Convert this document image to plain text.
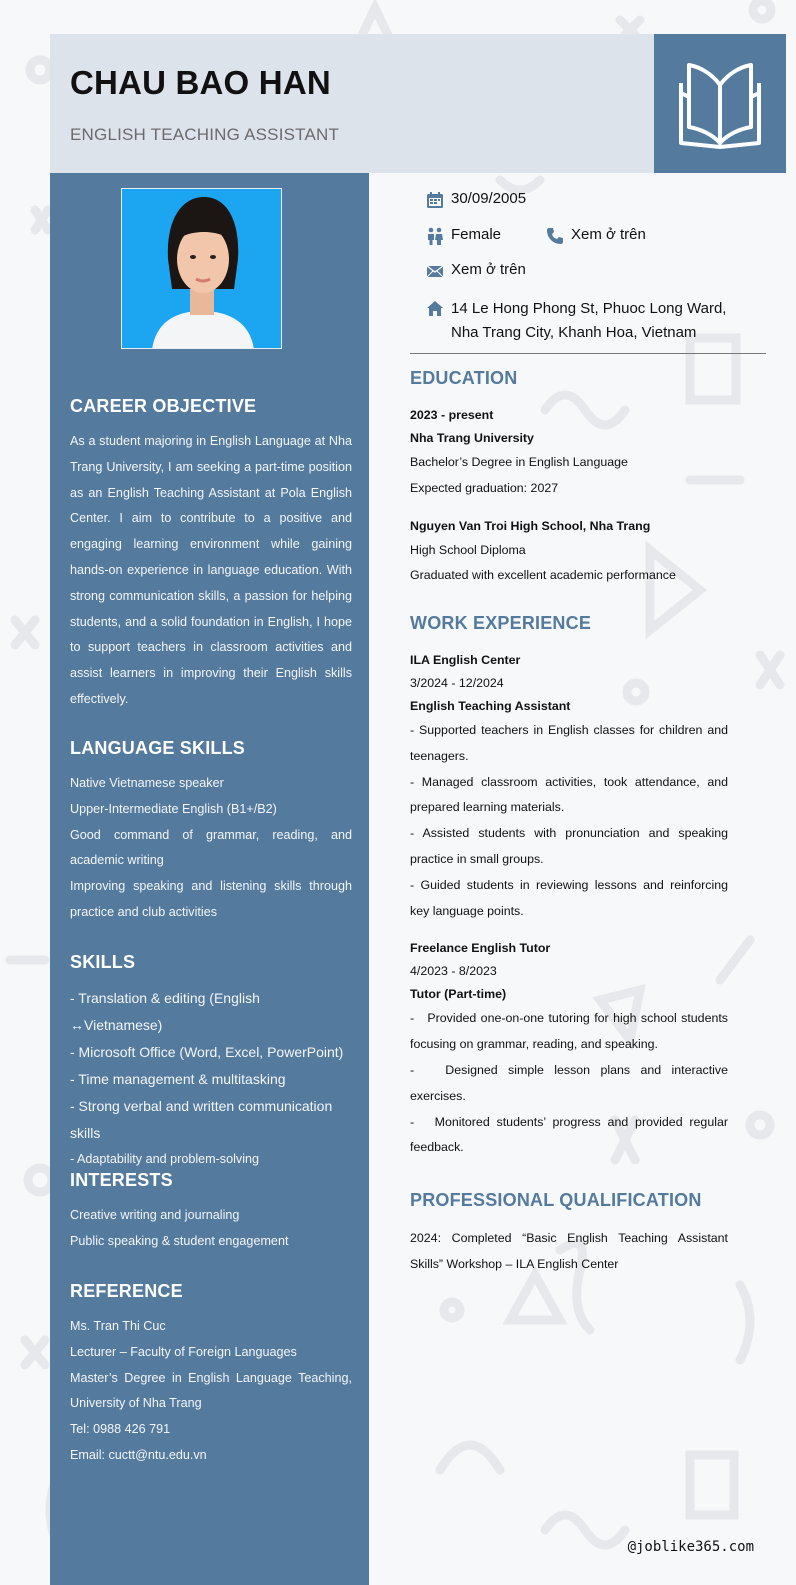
CHAU BAO HAN
ENGLISH TEACHING ASSISTANT
CAREER OBJECTIVE
As a student majoring in English Language at Nha Trang University, I am seeking a part-time position as an English Teaching Assistant at Pola English Center. I aim to contribute to a positive and engaging learning environment while gaining hands-on experience in language education. With strong communication skills, a passion for helping students, and a solid foundation in English, I hope to support teachers in classroom activities and assist learners in improving their English skills effectively.
LANGUAGE SKILLS
Native Vietnamese speaker
Upper-Intermediate English (B1+/B2)
Good command of grammar, reading, and academic writing
Improving speaking and listening skills through practice and club activities
SKILLS
- Translation & editing (English ↔Vietnamese)
- Microsoft Office (Word, Excel, PowerPoint)
- Time management & multitasking
- Strong verbal and written communication skills
- Adaptability and problem-solving
INTERESTS
Creative writing and journaling
Public speaking & student engagement
REFERENCE
Ms. Tran Thi Cuc
Lecturer – Faculty of Foreign Languages
Master’s Degree in English Language Teaching, University of Nha Trang
Tel: 0988 426 791
Email: cuctt@ntu.edu.vn
30/09/2005
Female	Xem ở trên
Xem ở trên
14 Le Hong Phong St, Phuoc Long Ward, Nha Trang City, Khanh Hoa, Vietnam
EDUCATION
2023 - present
Nha Trang University
Bachelor’s Degree in English Language
Expected graduation: 2027
Nguyen Van Troi High School, Nha Trang
High School Diploma
Graduated with excellent academic performance
WORK EXPERIENCE
ILA English Center
3/2024 - 12/2024
English Teaching Assistant
- Supported teachers in English classes for children and teenagers.
- Managed classroom activities, took attendance, and prepared learning materials.
- Assisted students with pronunciation and speaking practice in small groups.
- Guided students in reviewing lessons and reinforcing key language points.
Freelance English Tutor
4/2023 - 8/2023
Tutor (Part-time)
-   Provided one-on-one tutoring for high school students focusing on grammar, reading, and speaking.
-   Designed simple lesson plans and interactive exercises.
-   Monitored students’ progress and provided regular feedback.
PROFESSIONAL QUALIFICATION
2024: Completed “Basic English Teaching Assistant Skills” Workshop – ILA English Center
@joblike365.com
